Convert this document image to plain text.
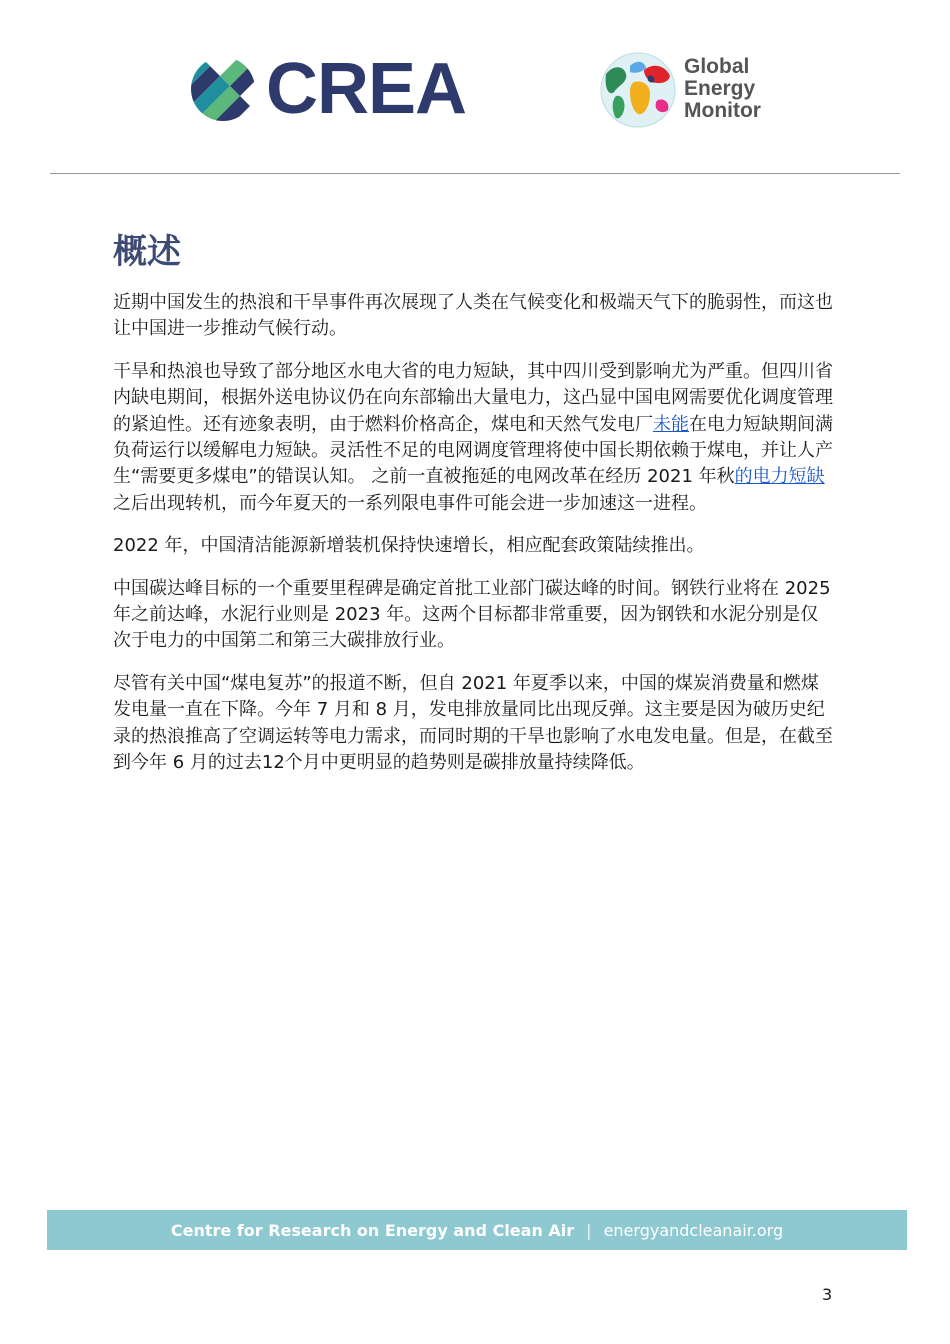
CREA	Global
Energy
Monitor
概述

近期中国发生的热浪和干旱事件再次展现了人类在气候变化和极端天气下的脆弱性，而这也让中国进一步推动气候行动。

干旱和热浪也导致了部分地区水电大省的电力短缺，其中四川受到影响尤为严重。但四川省内缺电期间，根据外送电协议仍在向东部输出大量电力，这凸显中国电网需要优化调度管理的紧迫性。还有迹象表明，由于燃料价格高企，煤电和天然气发电厂未能在电力短缺期间满负荷运行以缓解电力短缺。灵活性不足的电网调度管理将使中国长期依赖于煤电，并让人产生“需要更多煤电”的错误认知。 之前一直被拖延的电网改革在经历 2021 年秋的电力短缺之后出现转机，而今年夏天的一系列限电事件可能会进一步加速这一进程。

2022 年，中国清洁能源新增装机保持快速增长，相应配套政策陆续推出。

中国碳达峰目标的一个重要里程碑是确定首批工业部门碳达峰的时间。钢铁行业将在 2025 年之前达峰，水泥行业则是 2023 年。这两个目标都非常重要，因为钢铁和水泥分别是仅次于电力的中国第二和第三大碳排放行业。

尽管有关中国“煤电复苏”的报道不断，但自 2021 年夏季以来，中国的煤炭消费量和燃煤发电量一直在下降。今年 7 月和 8 月，发电排放量同比出现反弹。这主要是因为破历史纪录的热浪推高了空调运转等电力需求，而同时期的干旱也影响了水电发电量。但是，在截至到今年 6 月的过去12个月中更明显的趋势则是碳排放量持续降低。

Centre for Research on Energy and Clean Air | energyandcleanair.org
3
